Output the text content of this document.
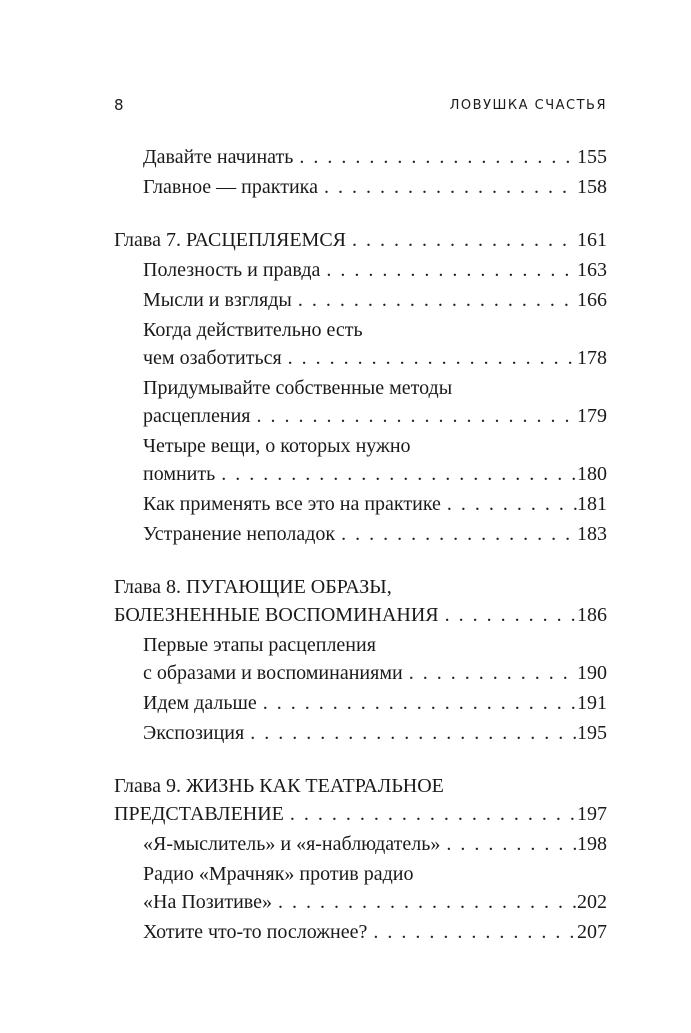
8	ЛОВУШКА СЧАСТЬЯ
Давайте начинать . . .	155
Главное — практика . . .	158
Глава 7. РАСЦЕПЛЯЕМСЯ . . .	161
Полезность и правда . . .	163
Мысли и взгляды . . .	166
Когда действительно есть
чем озаботиться . . .	178
Придумывайте собственные методы
расцепления . . .	179
Четыре вещи, о которых нужно
помнить . . .	180
Как применять все это на практике . . .	181
Устранение неполадок . . .	183
Глава 8. ПУГАЮЩИЕ ОБРАЗЫ,
БОЛЕЗНЕННЫЕ ВОСПОМИНАНИЯ . . .	186
Первые этапы расцепления
с образами и воспоминаниями . . .	190
Идем дальше . . .	191
Экспозиция . . .	195
Глава 9. ЖИЗНЬ КАК ТЕАТРАЛЬНОЕ
ПРЕДСТАВЛЕНИЕ . . .	197
«Я-мыслитель» и «я-наблюдатель» . . .	198
Радио «Мрачняк» против радио
«На Позитиве» . . .	202
Хотите что-то посложнее? . . .	207
